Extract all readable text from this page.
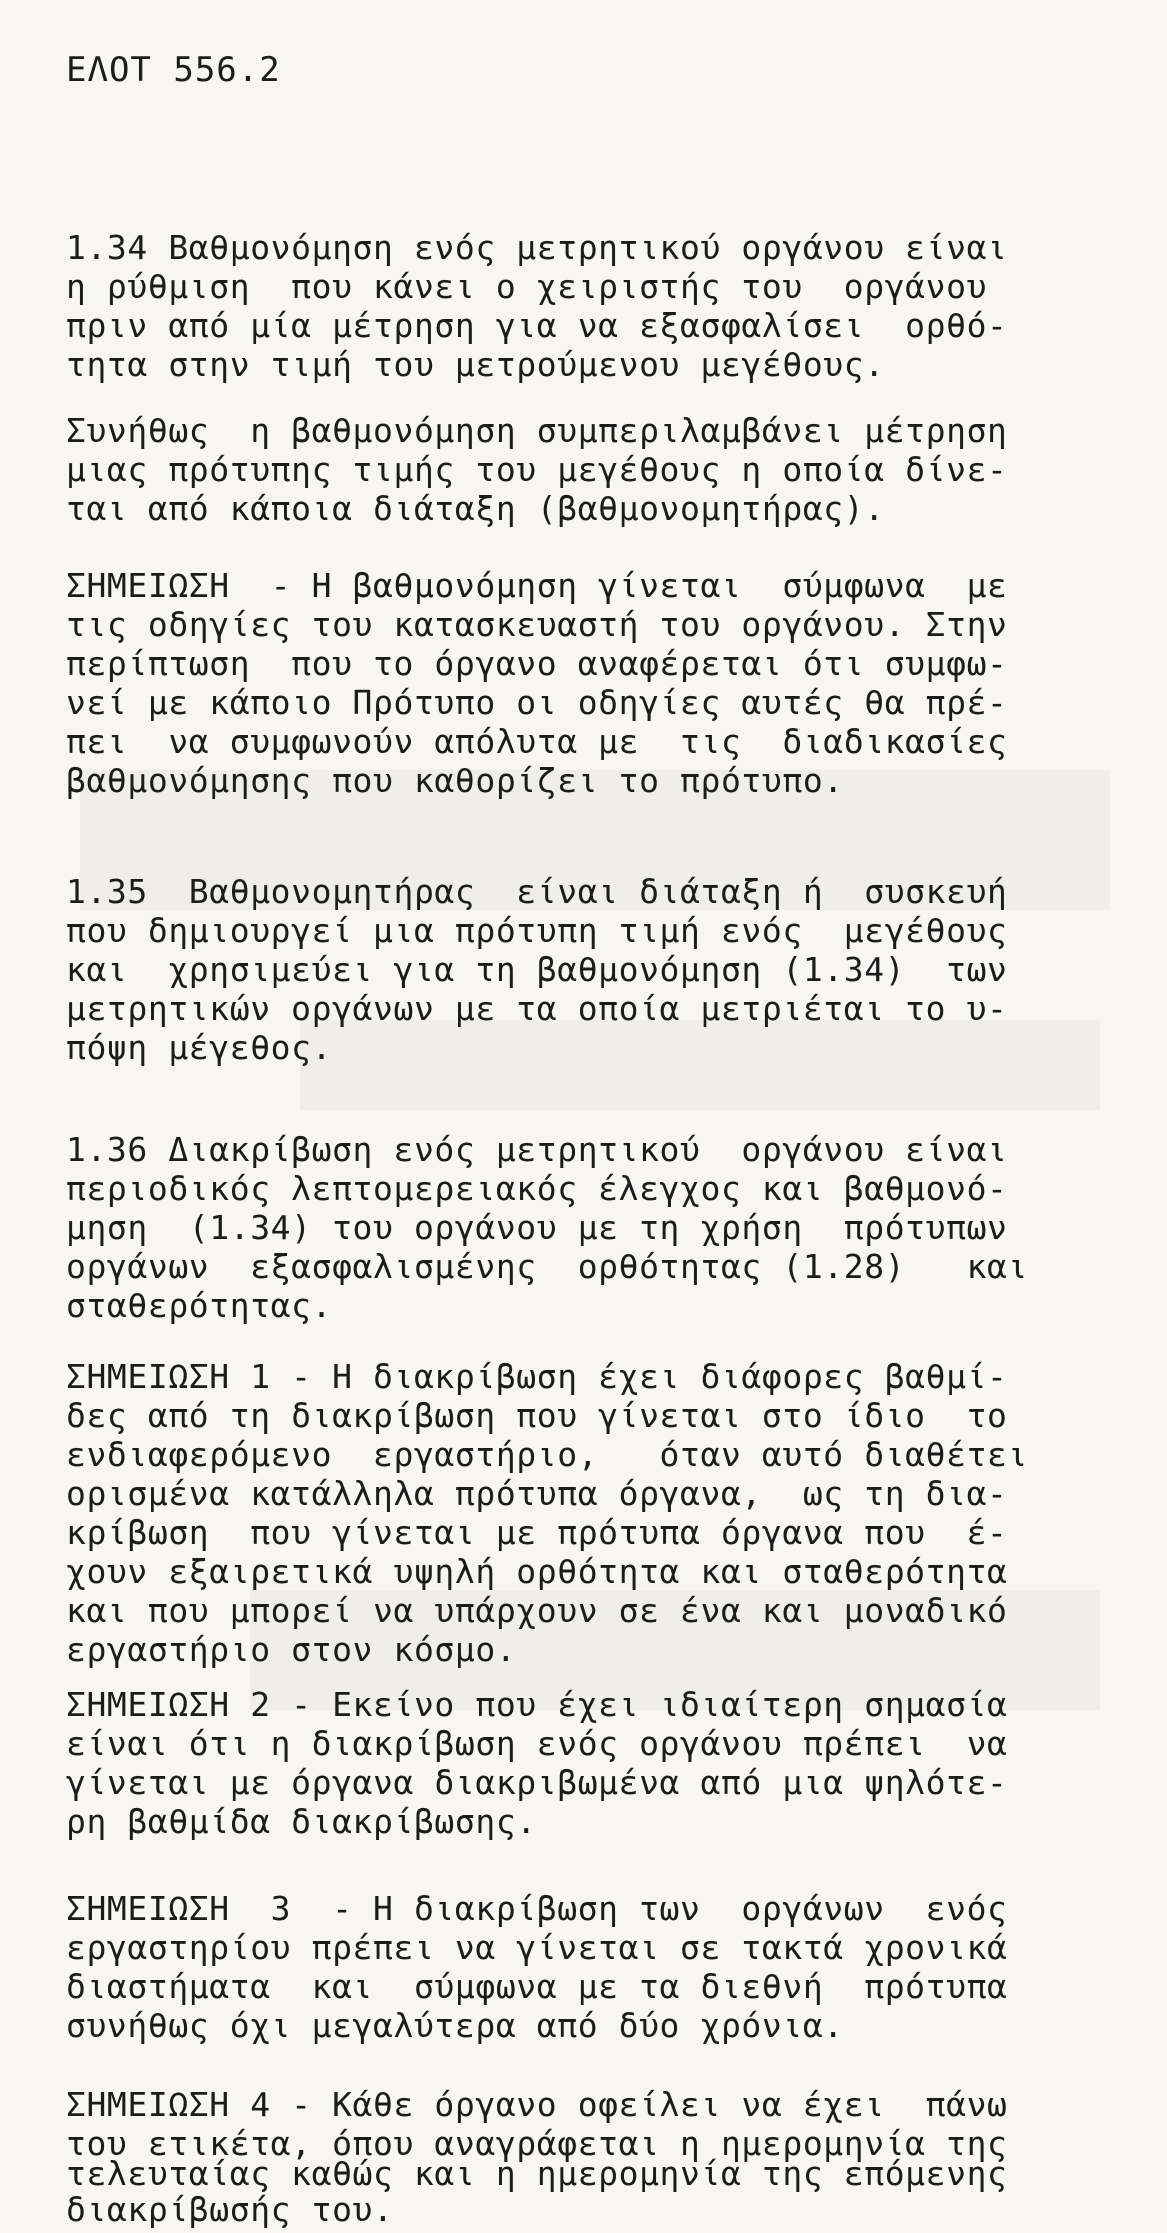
ΕΛΟΤ 556.2
1.34 Βαθμονόμηση ενός μετρητικού οργάνου είναι
η ρύθμιση  που κάνει ο χειριστής του  οργάνου
πριν από μία μέτρηση για να εξασφαλίσει  ορθό-
τητα στην τιμή του μετρούμενου μεγέθους.
Συνήθως  η βαθμονόμηση συμπεριλαμβάνει μέτρηση
μιας πρότυπης τιμής του μεγέθους η οποία δίνε-
ται από κάποια διάταξη (βαθμονομητήρας).
ΣΗΜΕΙΩΣΗ  - Η βαθμονόμηση γίνεται  σύμφωνα  με
τις οδηγίες του κατασκευαστή του οργάνου. Στην
περίπτωση  που το όργανο αναφέρεται ότι συμφω-
νεί με κάποιο Πρότυπο οι οδηγίες αυτές θα πρέ-
πει  να συμφωνούν απόλυτα με  τις  διαδικασίες
βαθμονόμησης που καθορίζει το πρότυπο.
1.35  Βαθμονομητήρας  είναι διάταξη ή  συσκευή
που δημιουργεί μια πρότυπη τιμή ενός  μεγέθους
και  χρησιμεύει για τη βαθμονόμηση (1.34)  των
μετρητικών οργάνων με τα οποία μετριέται το υ-
πόψη μέγεθος.
1.36 Διακρίβωση ενός μετρητικού  οργάνου είναι
περιοδικός λεπτομερειακός έλεγχος και βαθμονό-
μηση  (1.34) του οργάνου με τη χρήση  πρότυπων
οργάνων  εξασφαλισμένης  ορθότητας (1.28)   και
σταθερότητας.
ΣΗΜΕΙΩΣΗ 1 - Η διακρίβωση έχει διάφορες βαθμί-
δες από τη διακρίβωση που γίνεται στο ίδιο  το
ενδιαφερόμενο  εργαστήριο,   όταν αυτό διαθέτει
ορισμένα κατάλληλα πρότυπα όργανα,  ως τη δια-
κρίβωση  που γίνεται με πρότυπα όργανα που  έ-
χουν εξαιρετικά υψηλή ορθότητα και σταθερότητα
και που μπορεί να υπάρχουν σε ένα και μοναδικό
εργαστήριο στον κόσμο.
ΣΗΜΕΙΩΣΗ 2 - Εκείνο που έχει ιδιαίτερη σημασία
είναι ότι η διακρίβωση ενός οργάνου πρέπει  να
γίνεται με όργανα διακριβωμένα από μια ψηλότε-
ρη βαθμίδα διακρίβωσης.
ΣΗΜΕΙΩΣΗ  3  - Η διακρίβωση των  οργάνων  ενός
εργαστηρίου πρέπει να γίνεται σε τακτά χρονικά
διαστήματα  και  σύμφωνα με τα διεθνή  πρότυπα
συνήθως όχι μεγαλύτερα από δύο χρόνια.
ΣΗΜΕΙΩΣΗ 4 - Κάθε όργανο οφείλει να έχει  πάνω
του ετικέτα, όπου αναγράφεται η ημερομηνία της
τελευταίας καθώς και η ημερομηνία της επόμενης
διακρίβωσής του.
